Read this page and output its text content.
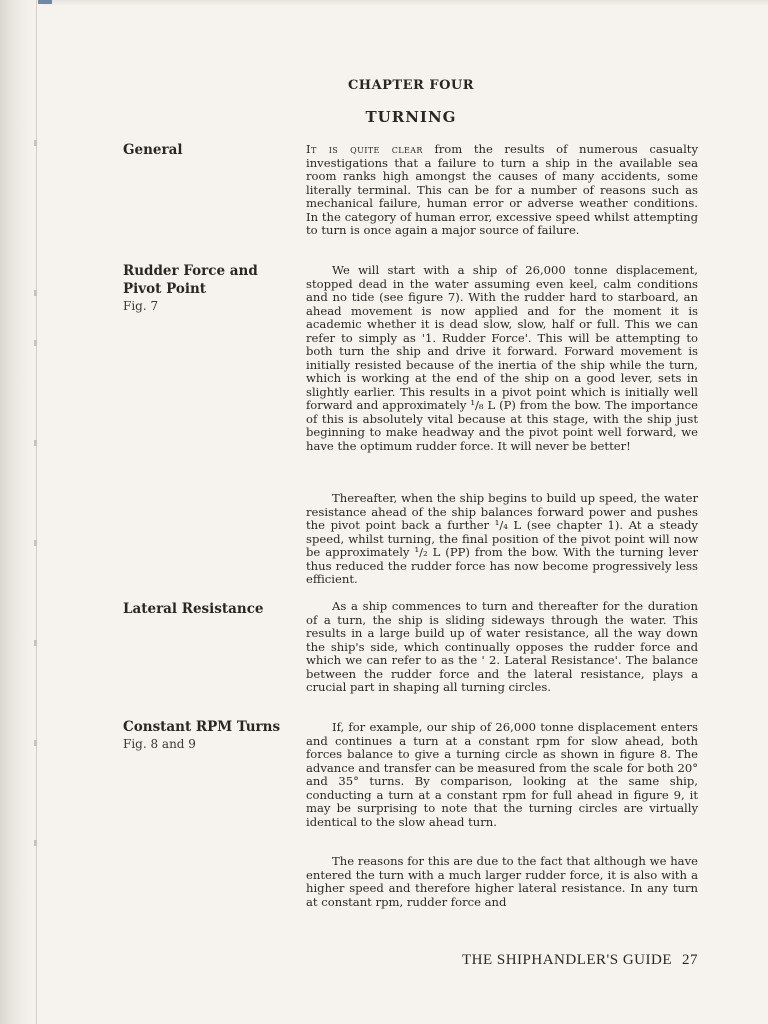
CHAPTER FOUR
TURNING
General	It is quite clear from the results of numerous casualty investigations that a failure to turn a ship in the available sea room ranks high amongst the causes of many accidents, some literally terminal. This can be for a number of reasons such as mechanical failure, human error or adverse weather conditions. In the category of human error, excessive speed whilst attempting to turn is once again a major source of failure.
Rudder Force and Pivot Point
Fig. 7
We will start with a ship of 26,000 tonne displacement, stopped dead in the water assuming even keel, calm conditions and no tide (see figure 7). With the rudder hard to starboard, an ahead movement is now applied and for the moment it is academic whether it is dead slow, slow, half or full. This we can refer to simply as '1. Rudder Force'. This will be attempting to both turn the ship and drive it forward. Forward movement is initially resisted because of the inertia of the ship while the turn, which is working at the end of the ship on a good lever, sets in slightly earlier. This results in a pivot point which is initially well forward and approximately ¹/₈ L (P) from the bow. The importance of this is absolutely vital because at this stage, with the ship just beginning to make headway and the pivot point well forward, we have the optimum rudder force. It will never be better!
Thereafter, when the ship begins to build up speed, the water resistance ahead of the ship balances forward power and pushes the pivot point back a further ¹/₄ L (see chapter 1). At a steady speed, whilst turning, the final position of the pivot point will now be approximately ¹/₂ L (PP) from the bow. With the turning lever thus reduced the rudder force has now become progressively less efficient.
Lateral Resistance	As a ship commences to turn and thereafter for the duration of a turn, the ship is sliding sideways through the water. This results in a large build up of water resistance, all the way down the ship's side, which continually opposes the rudder force and which we can refer to as the ' 2. Lateral Resistance'. The balance between the rudder force and the lateral resistance, plays a crucial part in shaping all turning circles.
Constant RPM Turns
Fig. 8 and 9
If, for example, our ship of 26,000 tonne displacement enters and continues a turn at a constant rpm for slow ahead, both forces balance to give a turning circle as shown in figure 8. The advance and transfer can be measured from the scale for both 20° and 35° turns. By comparison, looking at the same ship, conducting a turn at a constant rpm for full ahead in figure 9, it may be surprising to note that the turning circles are virtually identical to the slow ahead turn.
The reasons for this are due to the fact that although we have entered the turn with a much larger rudder force, it is also with a higher speed and therefore higher lateral resistance. In any turn at constant rpm, rudder force and
THE SHIPHANDLER'S GUIDE 27
